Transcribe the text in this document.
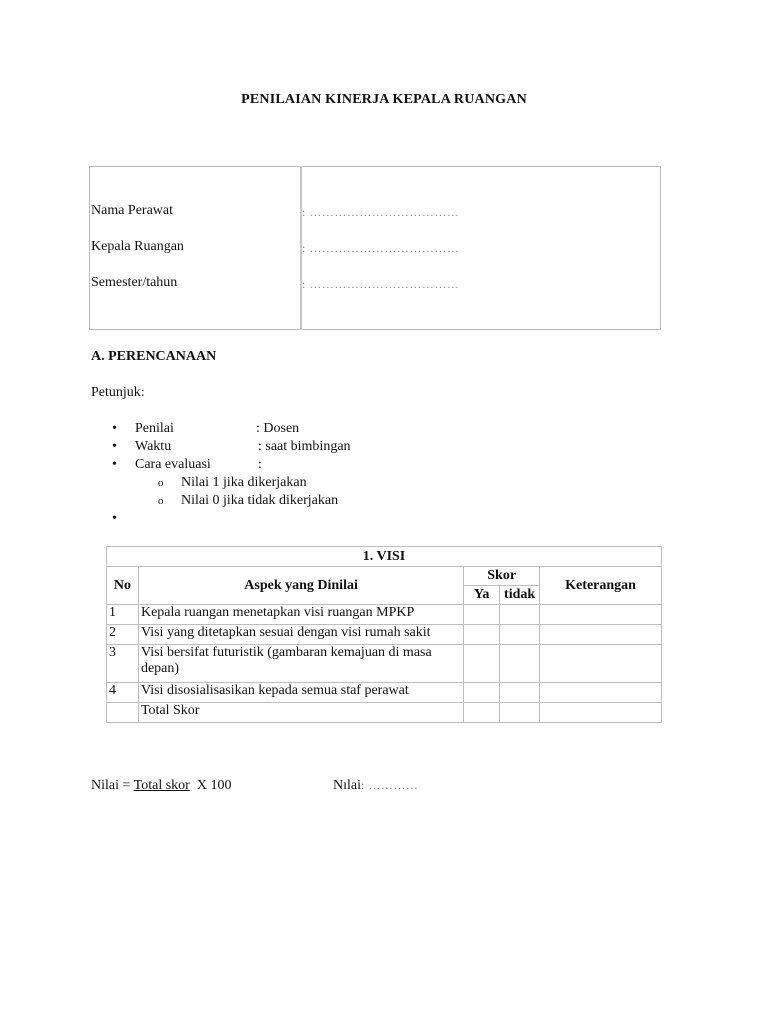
PENILAIAN KINERJA KEPALA RUANGAN
Nama Perawat	: ………………………………
Kepala Ruangan	: ………………………………
Semester/tahun	: ………………………………
A. PERENCANAAN
Petunjuk:
• Penilai	: Dosen
• Waktu	: saat bimbingan
• Cara evaluasi	:
o Nilai 1 jika dikerjakan
o Nilai 0 jika tidak dikerjakan
•
1. VISI				
No	Aspek yang Dinilai	Skor		Keterangan
		Ya	tidak	
1	Kepala ruangan menetapkan visi ruangan MPKP			
2	Visi yang ditetapkan sesuai dengan visi rumah sakit			
3	Visi bersifat futuristik (gambaran kemajuan di masa depan)			
4	Visi disosialisasikan kepada semua staf perawat			
	Total Skor			
Nilai = Total skor  X 100	Nılai: …………
